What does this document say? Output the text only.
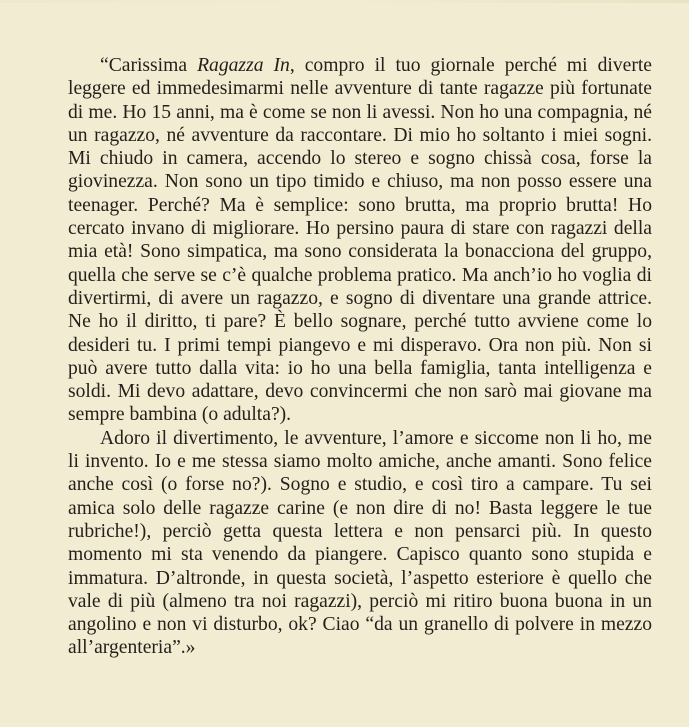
“Carissima Ragazza In, compro il tuo giornale perché mi diverte leggere ed immedesimarmi nelle avventure di tante ragazze più fortunate di me. Ho 15 anni, ma è come se non li avessi. Non ho una compagnia, né un ragazzo, né avventure da raccontare. Di mio ho soltanto i miei sogni. Mi chiudo in camera, accendo lo stereo e sogno chissà cosa, forse la giovinezza. Non sono un tipo timido e chiuso, ma non posso essere una teenager. Perché? Ma è semplice: sono brutta, ma proprio brutta! Ho cercato invano di migliorare. Ho persino paura di stare con ragazzi della mia età! Sono simpatica, ma sono considerata la bonacciona del gruppo, quella che serve se c’è qualche problema pratico. Ma anch’io ho voglia di divertirmi, di avere un ragazzo, e sogno di diventare una grande attrice. Ne ho il diritto, ti pare? È bello sognare, perché tutto avviene come lo desideri tu. I primi tempi piangevo e mi disperavo. Ora non più. Non si può avere tutto dalla vita: io ho una bella famiglia, tanta intelligenza e soldi. Mi devo adattare, devo convincermi che non sarò mai giovane ma sempre bambina (o adulta?).

Adoro il divertimento, le avventure, l’amore e siccome non li ho, me li invento. Io e me stessa siamo molto amiche, anche amanti. Sono felice anche così (o forse no?). Sogno e studio, e così tiro a campare. Tu sei amica solo delle ragazze carine (e non dire di no! Basta leggere le tue rubriche!), perciò getta questa lettera e non pensarci più. In questo momento mi sta venendo da piangere. Capisco quanto sono stupida e immatura. D’altronde, in questa società, l’aspetto esteriore è quello che vale di più (almeno tra noi ragazzi), perciò mi ritiro buona buona in un angolino e non vi disturbo, ok? Ciao “da un granello di polvere in mezzo all’argenteria”.»
